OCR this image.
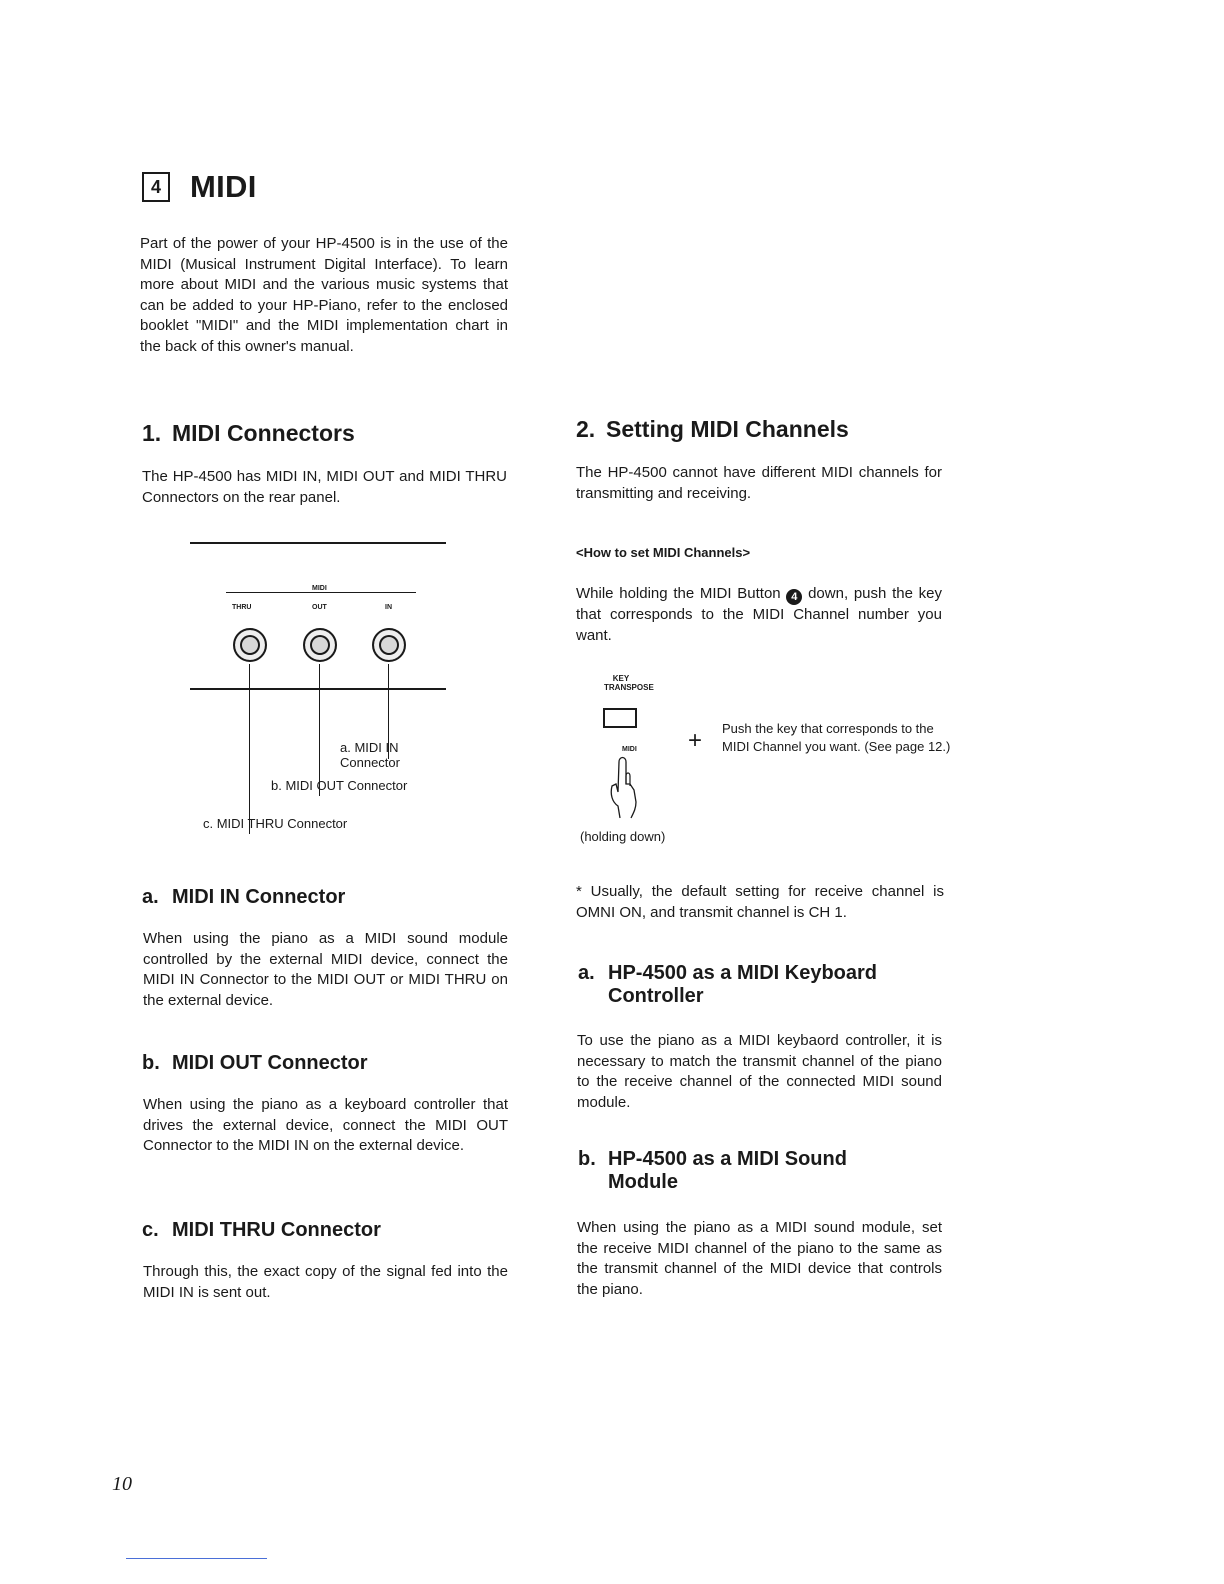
4 MIDI
Part of the power of your HP-4500 is in the use of the MIDI (Musical Instrument Digital Interface). To learn more about MIDI and the various music systems that can be added to your HP-Piano, refer to the enclosed booklet "MIDI" and the MIDI implementation chart in the back of this owner's manual.
1. MIDI Connectors
The HP-4500 has MIDI IN, MIDI OUT and MIDI THRU Connectors on the rear panel.
MIDI
THRU	OUT	IN
a. MIDI IN Connector
b. MIDI OUT Connector
c. MIDI THRU Connector
a. MIDI IN Connector
When using the piano as a MIDI sound module controlled by the external MIDI device, connect the MIDI IN Connector to the MIDI OUT or MIDI THRU on the external device.
b. MIDI OUT Connector
When using the piano as a keyboard controller that drives the external device, connect the MIDI OUT Connector to the MIDI IN on the external device.
c. MIDI THRU Connector
Through this, the exact copy of the signal fed into the MIDI IN is sent out.
2. Setting MIDI Channels
The HP-4500 cannot have different MIDI channels for transmitting and receiving.
<How to set MIDI Channels>
While holding the MIDI Button 4 down, push the key that corresponds to the MIDI Channel number you want.
KEY TRANSPOSE
MIDI + Push the key that corresponds to the MIDI Channel you want. (See page 12.)
(holding down)
* Usually, the default setting for receive channel is OMNI ON, and transmit channel is CH 1.
a. HP-4500 as a MIDI Keyboard Controller
To use the piano as a MIDI keybaord controller, it is necessary to match the transmit channel of the piano to the receive channel of the connected MIDI sound module.
b. HP-4500 as a MIDI Sound Module
When using the piano as a MIDI sound module, set the receive MIDI channel of the piano to the same as the transmit channel of the MIDI device that controls the piano.
10
